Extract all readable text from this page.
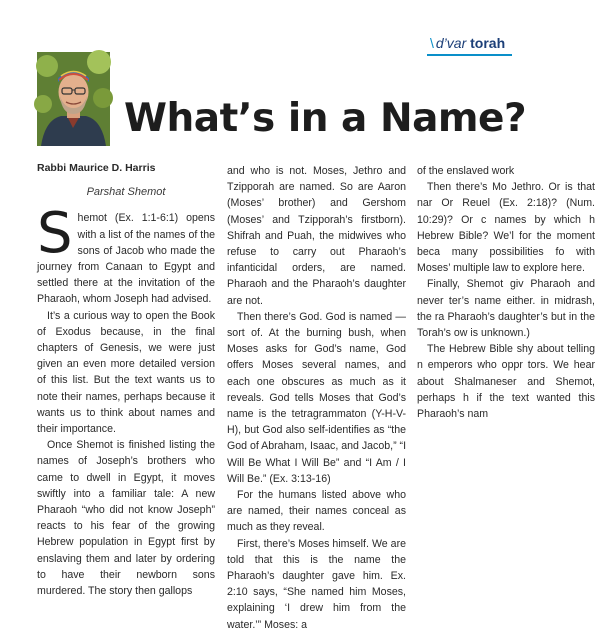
\ d’var torah
What’s in a Name?

Rabbi Maurice D. Harris

Parshat Shemot

Shemot (Ex. 1:1-6:1) opens with a list of the names of the sons of Jacob who made the journey from Canaan to Egypt and settled there at the invitation of the Pharaoh, whom Joseph had advised.

It’s a curious way to open the Book of Exodus because, in the final chapters of Genesis, we were just given an even more detailed version of this list. But the text wants us to note their names, perhaps because it wants us to think about names and their importance.

Once Shemot is finished listing the names of Joseph’s brothers who came to dwell in Egypt, it moves swiftly into a familiar tale: A new Pharaoh “who did not know Joseph” reacts to his fear of the growing Hebrew population in Egypt first by enslaving them and later by ordering to have their newborn sons murdered. The story then gallops

and who is not. Moses, Jethro and Tzipporah are named. So are Aaron (Moses’ brother) and Gershom (Moses’ and Tzipporah’s firstborn). Shifrah and Puah, the midwives who refuse to carry out Pharaoh’s infanticidal orders, are named. Pharaoh and the Pharaoh’s daughter are not.

Then there’s God. God is named — sort of. At the burning bush, when Moses asks for God’s name, God offers Moses several names, and each one obscures as much as it reveals. God tells Moses that God’s name is the tetragrammaton (Y-H-V-H), but God also self-identifies as “the God of Abraham, Isaac, and Jacob,” “I Will Be What I Will Be” and “I Am / I Will Be.” (Ex. 3:13-16)

For the humans listed above who are named, their names conceal as much as they reveal.

First, there’s Moses himself. We are told that this is the name the Pharaoh’s daughter gave him. Ex. 2:10 says, “She named him Moses, explaining ‘I drew him from the water.’” Moses: a

of the enslaved work

Then there’s Mo Jethro. Or is that nar Or Reuel (Ex. 2:18)? (Num. 10:29)? Or c names by which h Hebrew Bible? We’l for the moment beca many possibilities fo with Moses’ multiple law to explore here.

Finally, Shemot giv Pharaoh and never ter’s name either. in midrash, the ra Pharaoh’s daughter’s but in the Torah’s ow is unknown.)

The Hebrew Bible shy about telling n emperors who oppr tors. We hear about Shalmaneser and Shemot, perhaps h if the text wanted this Pharaoh’s nam
